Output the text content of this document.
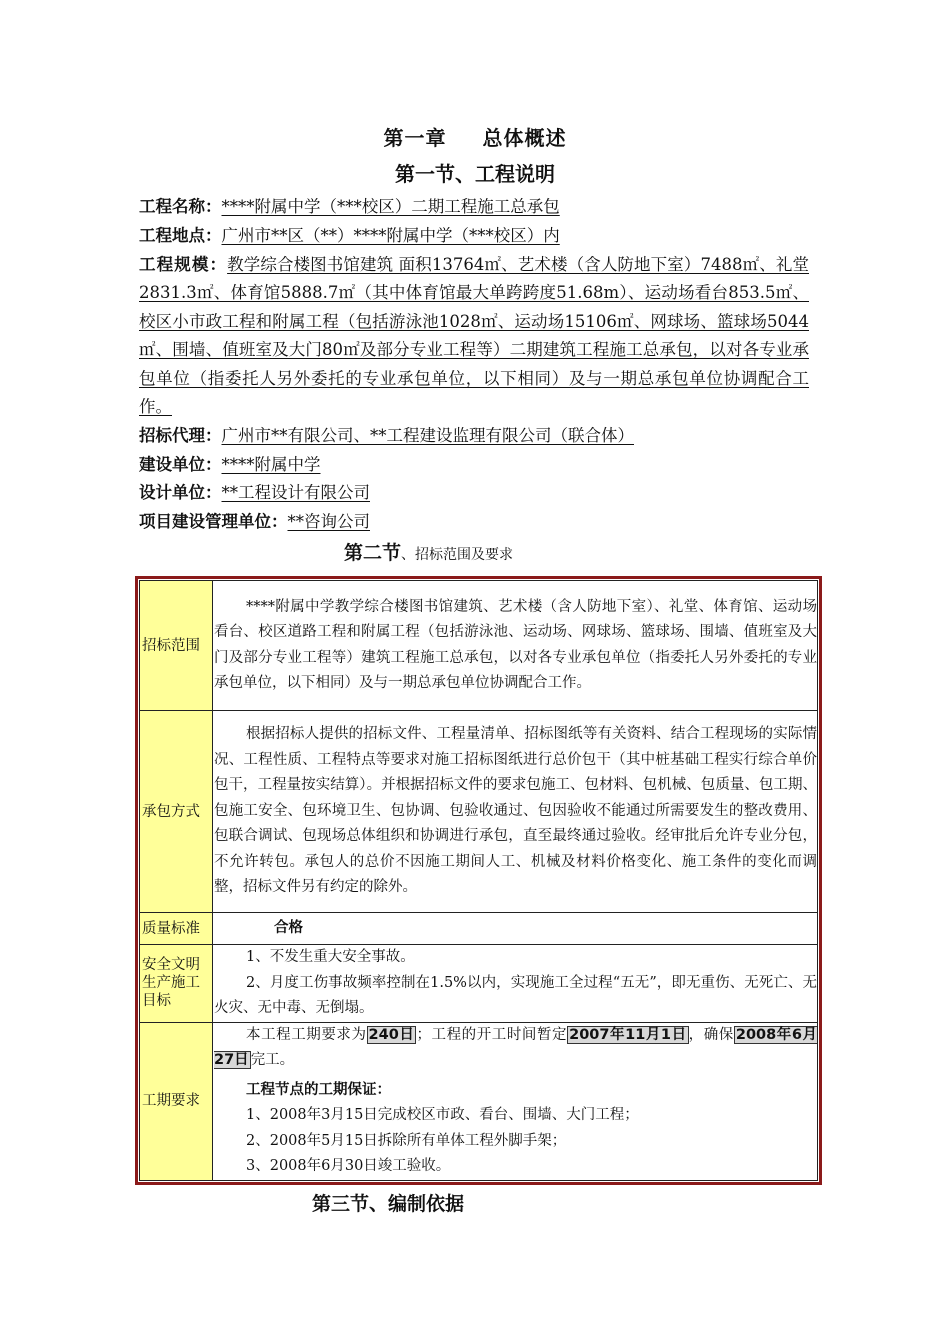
第一章 总体概述
第一节、工程说明
工程名称：****附属中学（***校区）二期工程施工总承包
工程地点：广州市**区（**）****附属中学（***校区）内
工程规模：教学综合楼图书馆建筑 面积13764㎡、艺术楼（含人防地下室）7488㎡、礼堂2831.3㎡、体育馆5888.7㎡（其中体育馆最大单跨跨度51.68m）、运动场看台853.5㎡、校区小市政工程和附属工程（包括游泳池1028㎡、运动场15106㎡、网球场、篮球场5044㎡、围墙、值班室及大门80㎡及部分专业工程等）二期建筑工程施工总承包，以对各专业承包单位（指委托人另外委托的专业承包单位，以下相同）及与一期总承包单位协调配合工作。
招标代理：广州市**有限公司、**工程建设监理有限公司（联合体）
建设单位：****附属中学
设计单位：**工程设计有限公司
项目建设管理单位：**咨询公司
第二节、招标范围及要求
招标范围	****附属中学教学综合楼图书馆建筑、艺术楼（含人防地下室）、礼堂、体育馆、运动场看台、校区道路工程和附属工程（包括游泳池、运动场、网球场、篮球场、围墙、值班室及大门及部分专业工程等）建筑工程施工总承包，以对各专业承包单位（指委托人另外委托的专业承包单位，以下相同）及与一期总承包单位协调配合工作。

承包方式	根据招标人提供的招标文件、工程量清单、招标图纸等有关资料、结合工程现场的实际情况、工程性质、工程特点等要求对施工招标图纸进行总价包干（其中桩基础工程实行综合单价包干，工程量按实结算）。并根据招标文件的要求包施工、包材料、包机械、包质量、包工期、包施工安全、包环境卫生、包协调、包验收通过、包因验收不能通过所需要发生的整改费用、包联合调试、包现场总体组织和协调进行承包，直至最终通过验收。经审批后允许专业分包，不允许转包。承包人的总价不因施工期间人工、机械及材料价格变化、施工条件的变化而调整，招标文件另有约定的除外。

质量标准	合格
安全文明生产施工目标	1、不发生重大安全事故。

2、月度工伤事故频率控制在1.5%以内，实现施工全过程“五无”，即无重伤、无死亡、无火灾、无中毒、无倒塌。

工期要求	本工程工期要求为 240日 ；工程的开工时间暂定 2007年11月1日 ，确保 2008年6月27日 完工。

工程节点的工期保证：

1、2008年3月15日完成校区市政、看台、围墙、大门工程；

2、2008年5月15日拆除所有单体工程外脚手架；

3、2008年6月30日竣工验收。

第三节、编制依据
